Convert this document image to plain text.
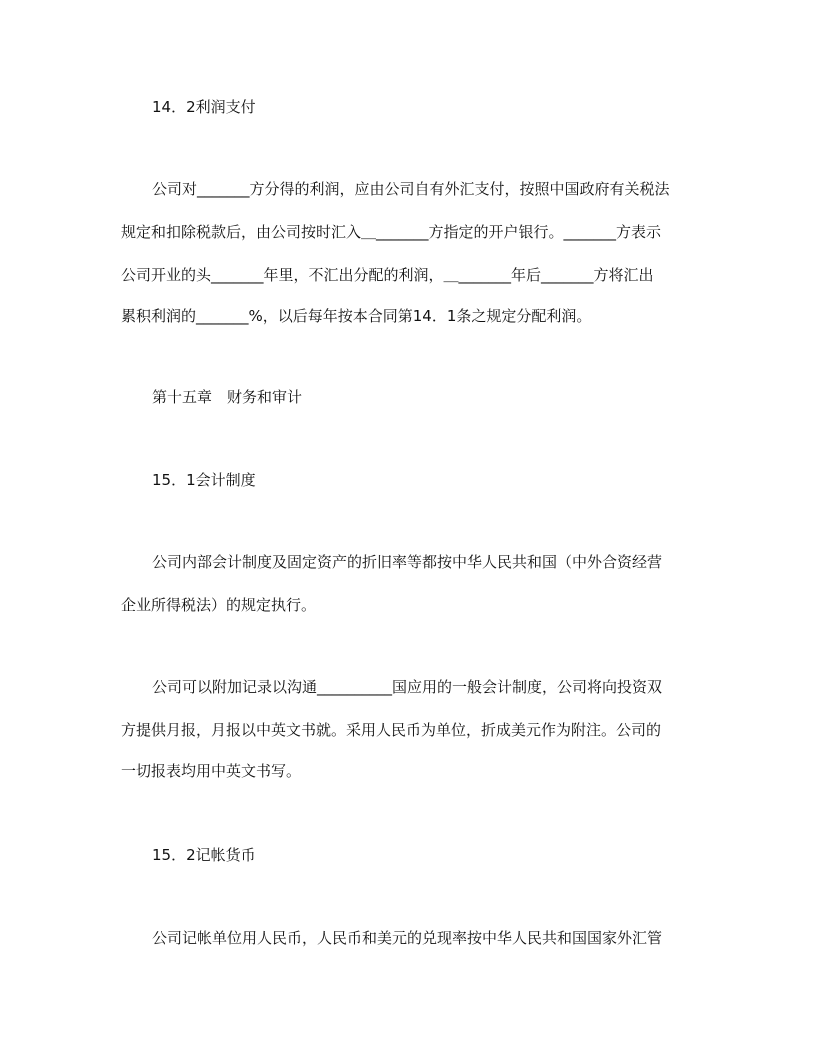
14．2利润支付
公司对_______方分得的利润，应由公司自有外汇支付，按照中国政府有关税法
规定和扣除税款后，由公司按时汇入＿_______方指定的开户银行。_______方表示
公司开业的头_______年里，不汇出分配的利润，＿_______年后_______方将汇出
累积利润的_______%，以后每年按本合同第14．1条之规定分配利润。
第十五章　财务和审计
15．1会计制度
公司内部会计制度及固定资产的折旧率等都按中华人民共和国（中外合资经营
企业所得税法）的规定执行。
公司可以附加记录以沟通__________国应用的一般会计制度，公司将向投资双
方提供月报，月报以中英文书就。采用人民币为单位，折成美元作为附注。公司的
一切报表均用中英文书写。
15．2记帐货币
公司记帐单位用人民币，人民币和美元的兑现率按中华人民共和国国家外汇管
